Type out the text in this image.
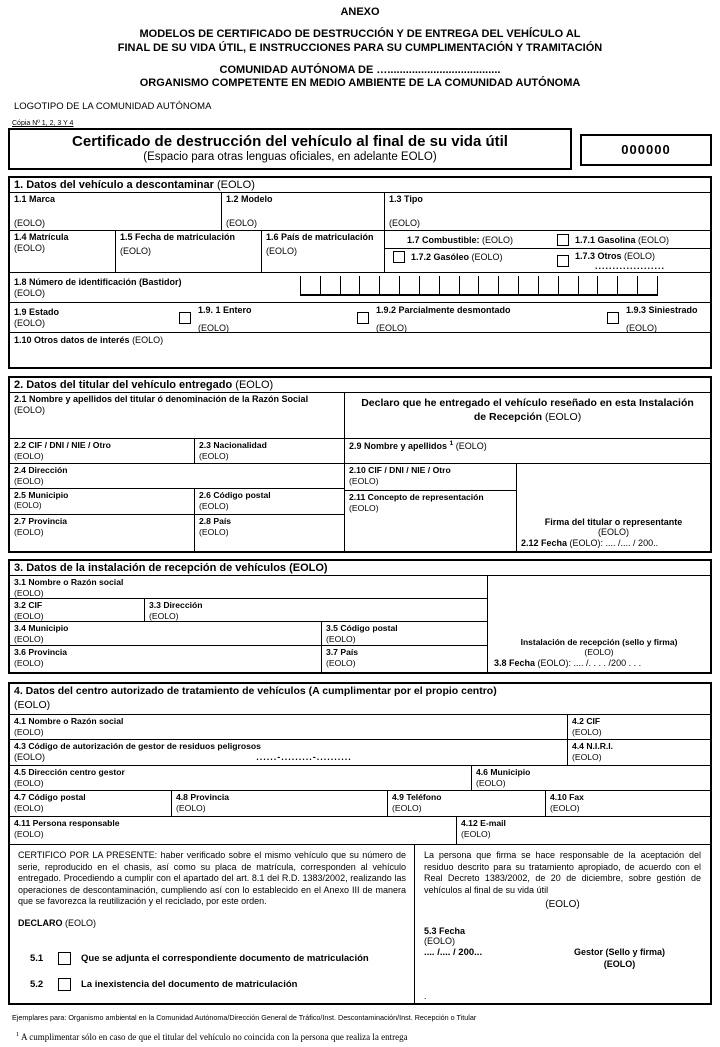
ANEXO
MODELOS DE CERTIFICADO DE DESTRUCCIÓN Y DE ENTREGA DEL VEHÍCULO AL
FINAL DE SU VIDA ÚTIL, E INSTRUCCIONES PARA SU CUMPLIMENTACIÓN Y TRAMITACIÓN
COMUNIDAD AUTÓNOMA DE ….....................................
ORGANISMO COMPETENTE EN MEDIO AMBIENTE DE LA COMUNIDAD AUTÓNOMA
LOGOTIPO DE LA COMUNIDAD AUTÓNOMA
Cópia Nº 1, 2, 3 Y 4
Certificado de destrucción del vehículo al final de su vida útil
(Espacio para otras lenguas oficiales, en adelante EOLO)	000000
1. Datos del vehículo a descontaminar (EOLO)
1.1 Marca
(EOLO)
1.2 Modelo
(EOLO)
1.3 Tipo
(EOLO)
1.4 Matrícula
(EOLO)
1.5 Fecha de matriculación
(EOLO)
1.6 País de matriculación
(EOLO)
1.7 Combustible: (EOLO)	1.7.1 Gasolina (EOLO)
1.7.2 Gasóleo (EOLO)	1.7.3 Otros (EOLO)
....................
1.8 Número de identificación (Bastidor)
(EOLO)
1.9 Estado
(EOLO)
1.9. 1 Entero
(EOLO)
1.9.2 Parcialmente desmontado
(EOLO)
1.9.3 Siniestrado
(EOLO)
1.10 Otros datos de interés (EOLO)
2. Datos del titular del vehículo entregado (EOLO)
2.1 Nombre y apellidos del titular ó denominación de la Razón Social
(EOLO)
2.2 CIF / DNI / NIE / Otro
(EOLO)
2.3 Nacionalidad
(EOLO)
2.4 Dirección
(EOLO)
2.5 Municipio
(EOLO)
2.6 Código postal
(EOLO)
2.7 Provincia
(EOLO)
2.8 País
(EOLO)
Declaro que he entregado el vehículo reseñado en esta Instalación de Recepción (EOLO)
2.9 Nombre y apellidos $^1$ (EOLO)
2.10 CIF / DNI / NIE / Otro
(EOLO)
2.11 Concepto de representación
(EOLO)
Firma del titular o representante
(EOLO)
2.12 Fecha (EOLO): .... /.... / 200..
3. Datos de la instalación de recepción de vehículos (EOLO)
3.1 Nombre o Razón social
(EOLO)
3.2 CIF
(EOLO)
3.3 Dirección
(EOLO)
3.4 Municipio
(EOLO)
3.5 Código postal
(EOLO)
3.6 Provincia
(EOLO)
3.7 País
(EOLO)
Instalación de recepción (sello y firma)
(EOLO)
3.8 Fecha (EOLO): .... /. . . . /200 . . .
4. Datos del centro autorizado de tratamiento de vehículos (A cumplimentar por el propio centro)
(EOLO)
4.1 Nombre o Razón social
(EOLO)
4.2 CIF
(EOLO)
4.3 Código de autorización de gestor de residuos peligrosos
(EOLO)	......-.........-..........
4.4 N.I.R.I.
(EOLO)
4.5 Dirección centro gestor
(EOLO)
4.6 Municipio
(EOLO)
4.7 Código postal
(EOLO)
4.8 Provincia
(EOLO)
4.9 Teléfono
(EOLO)
4.10 Fax
(EOLO)
4.11 Persona responsable
(EOLO)
4.12 E-mail
(EOLO)
CERTIFICO POR LA PRESENTE: haber verificado sobre el mismo vehículo que su número de serie, reproducido en el chasis, así como su placa de matrícula, corresponden al vehículo entregado. Procediendo a cumplir con el apartado del art. 8.1 del R.D. 1383/2002, realizando las operaciones de descontaminación, cumpliendo así con lo establecido en el Anexo III de manera que se favorezca la reutilización y el reciclado, por este orden.
DECLARO (EOLO)
5.1	Que se adjunta el correspondiente documento de matriculación
5.2	La inexistencia del documento de matriculación
La persona que firma se hace responsable de la aceptación del residuo descrito para su tratamiento apropiado, de acuerdo con el Real Decreto 1383/2002, de 20 de diciembre, sobre gestión de vehículos al final de su vida útil
(EOLO)
5.3 Fecha
(EOLO)
.... /.... / 200...	Gestor (Sello y firma)
(EOLO)
.
Ejemplares para: Organismo ambiental en la Comunidad Autónoma/Dirección General de Tráfico/Inst. Descontaminación/Inst. Recepción o Titular
$^1$ A cumplimentar sólo en caso de que el titular del vehículo no coincida con la persona que realiza la entrega
